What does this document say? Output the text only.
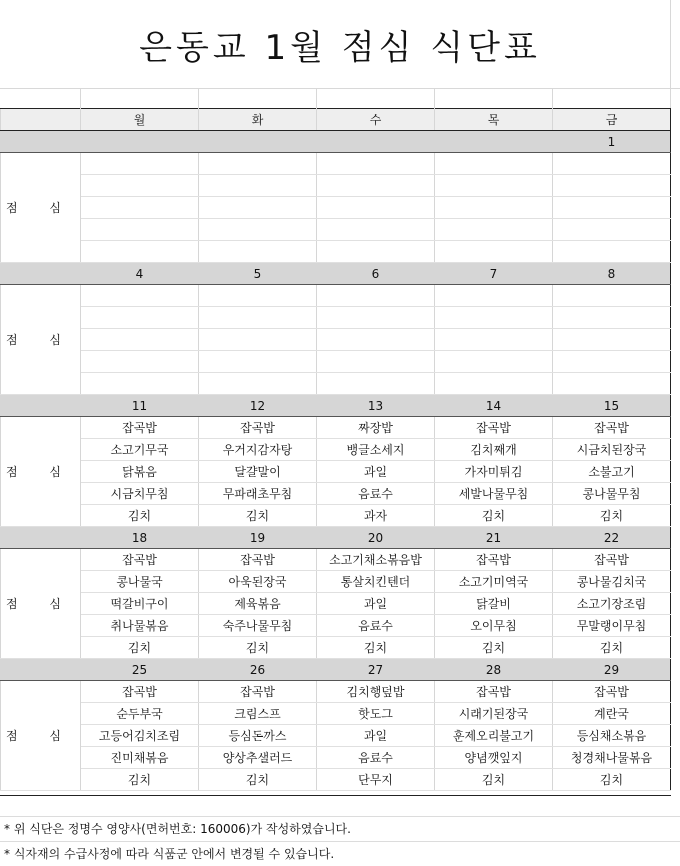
은동교 1월 점심 식단표
	월	화	수	목	금
					1
점 심					

	4	5	6	7	8
점 심					

	11	12	13	14	15
점 심	잡곡밥	잡곡밥	짜장밥	잡곡밥	잡곡밥
	소고기무국	우거지감자탕	뱅글소세지	김치째개	시금치된장국
	닭볶음	달걀말이	과일	가자미튀김	소불고기
	시금치무침	무파래초무침	음료수	세발나물무침	콩나물무침
	김치	김치	과자	김치	김치
	18	19	20	21	22
점 심	잡곡밥	잡곡밥	소고기채소볶음밥	잡곡밥	잡곡밥
	콩나물국	아욱된장국	통살치킨텐더	소고기미역국	콩나물김치국
	떡갈비구이	제육볶음	과일	닭갈비	소고기장조림
	취나물볶음	숙주나물무침	음료수	오이무침	무말랭이무침
	김치	김치	김치	김치	김치
	25	26	27	28	29
점 심	잡곡밥	잡곡밥	김치행덮밥	잡곡밥	잡곡밥
	순두부국	크림스프	핫도그	시래기된장국	계란국
	고등어김치조림	등심돈까스	과일	훈제오리불고기	등심채소볶음
	진미채볶음	양상추샐러드	음료수	양념깻잎지	청경채나물볶음
	김치	김치	단무지	김치	김치
* 위 식단은 정명수 영양사(면허번호: 160006)가 작성하였습니다.
* 식자재의 수급사정에 따라 식품군 안에서 변경될 수 있습니다.
